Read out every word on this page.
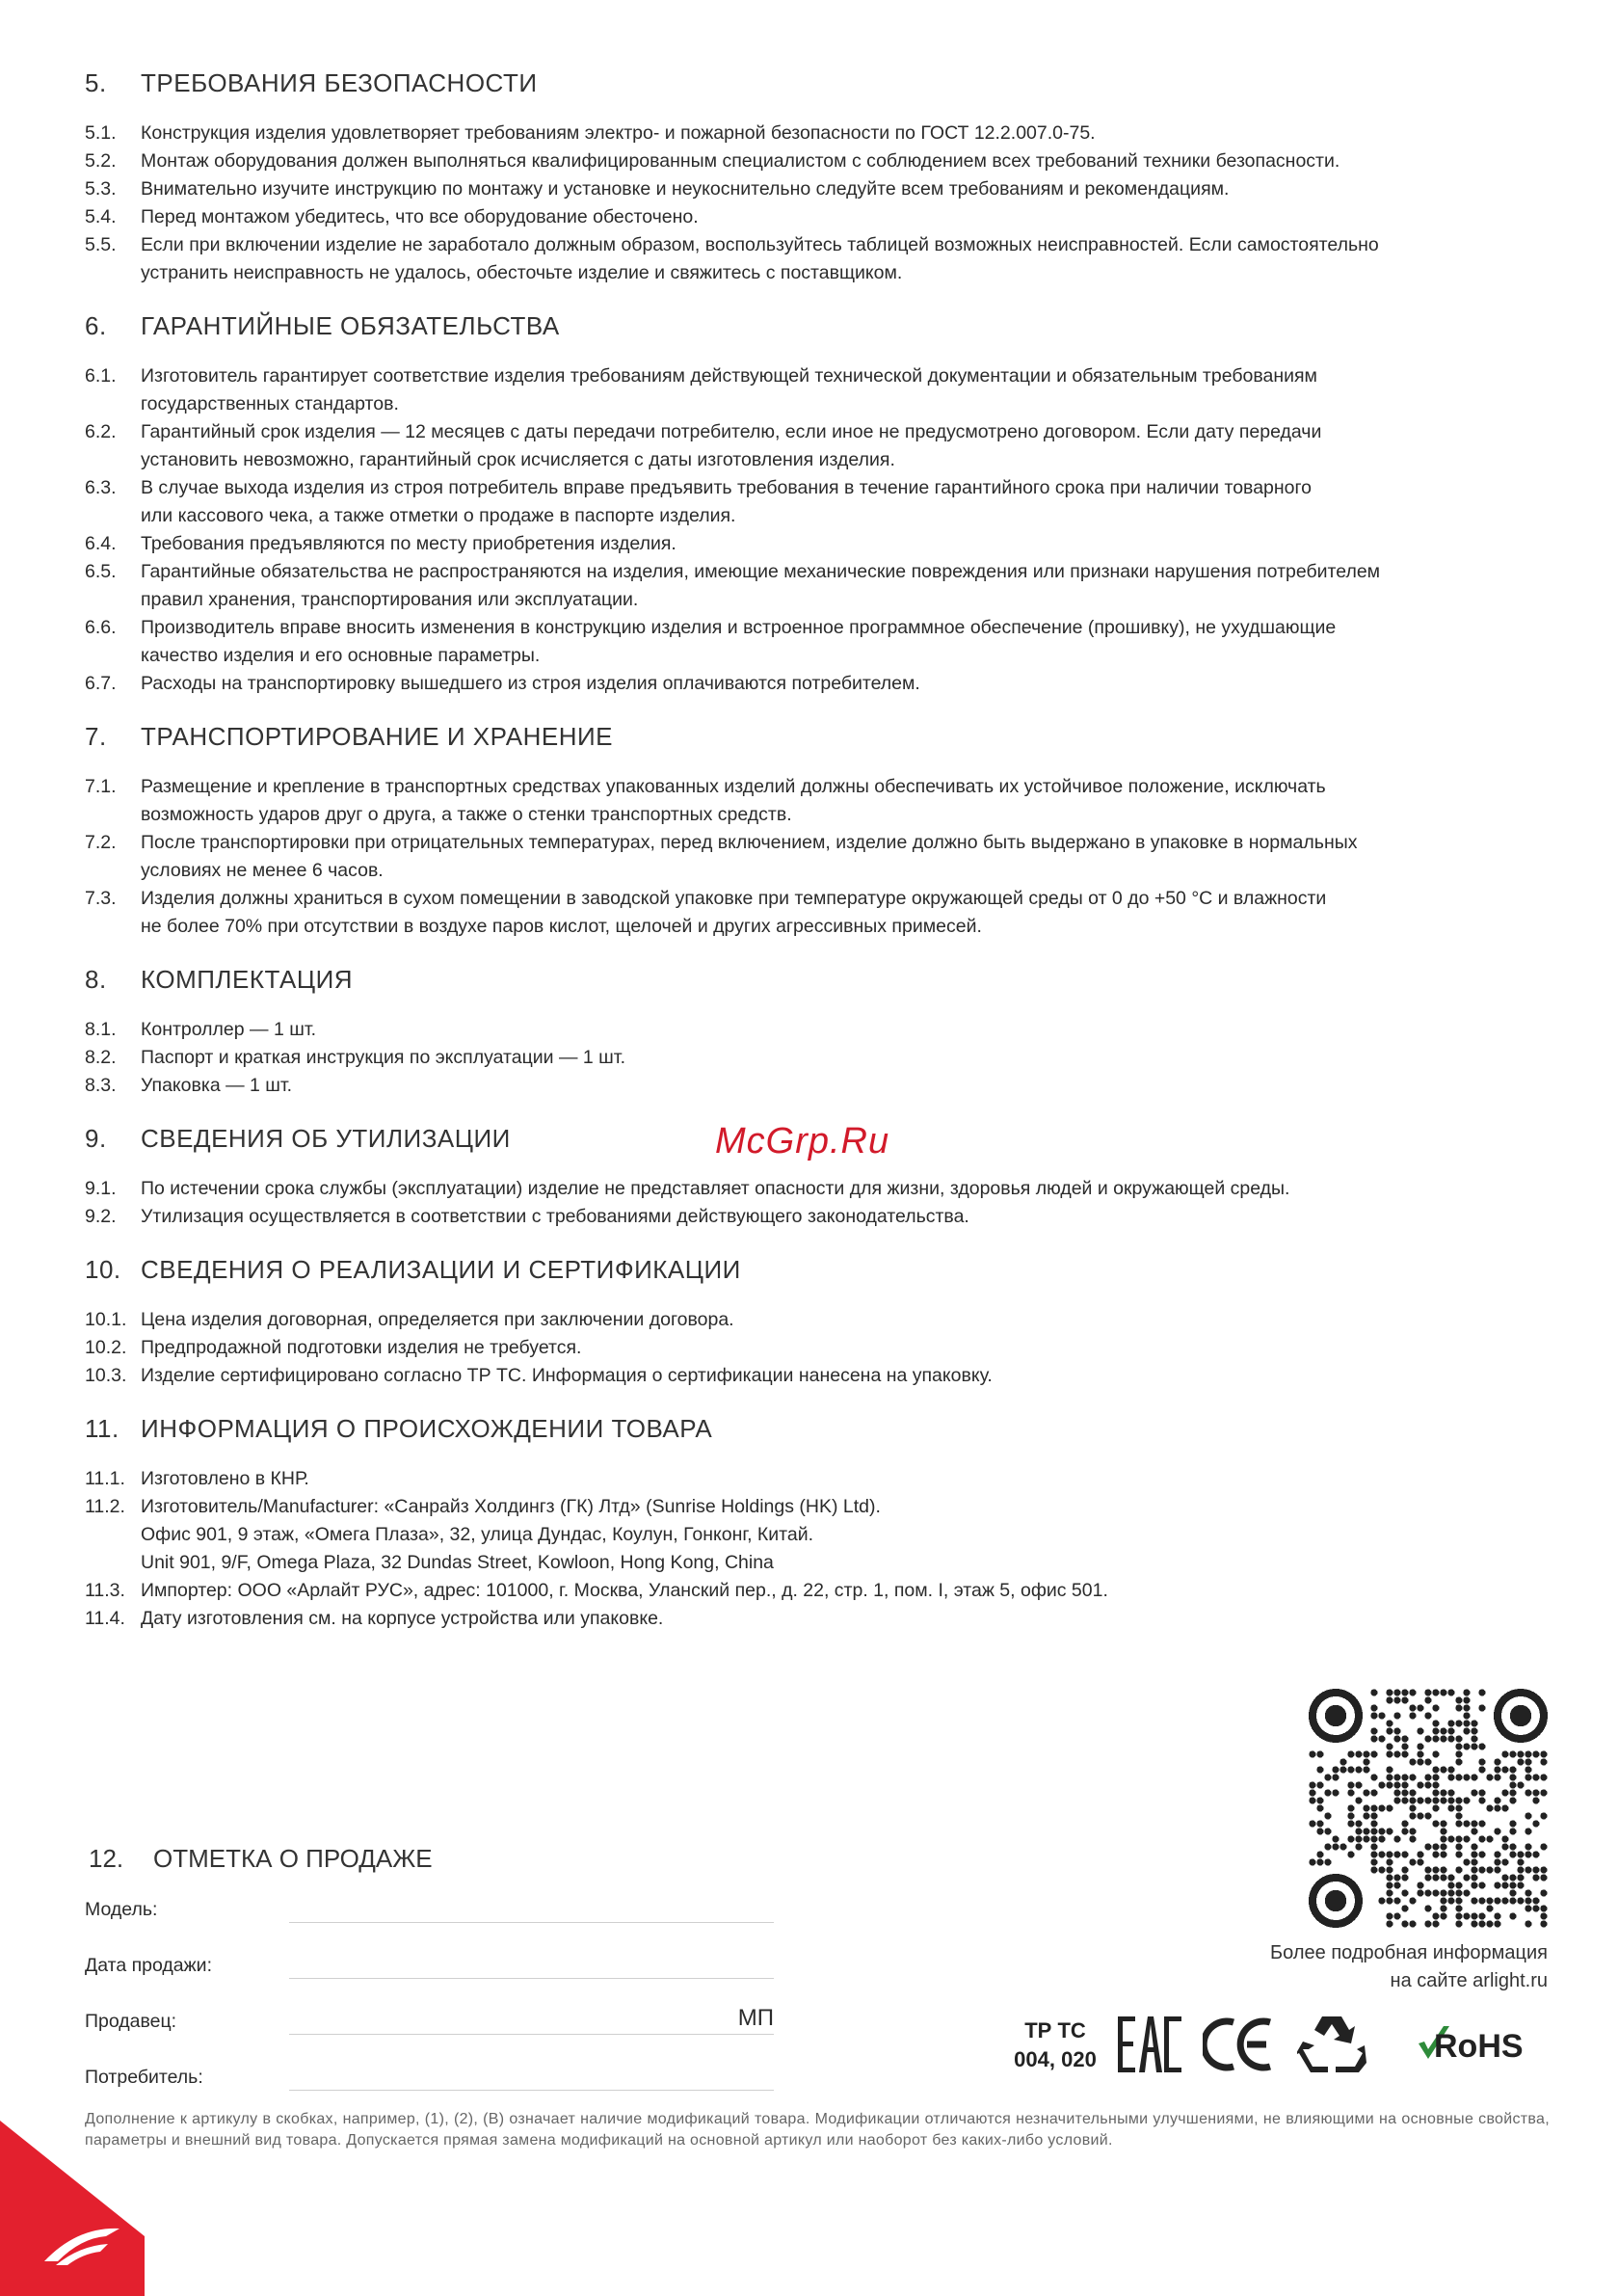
5.	ТРЕБОВАНИЯ БЕЗОПАСНОСТИ
5.1.	Конструкция изделия удовлетворяет требованиям электро- и пожарной безопасности по ГОСТ 12.2.007.0-75.
5.2.	Монтаж оборудования должен выполняться квалифицированным специалистом с соблюдением всех требований техники безопасности.
5.3.	Внимательно изучите инструкцию по монтажу и установке и неукоснительно следуйте всем требованиям и рекомендациям.
5.4.	Перед монтажом убедитесь, что все оборудование обесточено.
5.5.	Если при включении изделие не заработало должным образом, воспользуйтесь таблицей возможных неисправностей. Если самостоятельно
устранить неисправность не удалось, обесточьте изделие и свяжитесь с поставщиком.
6.	ГАРАНТИЙНЫЕ ОБЯЗАТЕЛЬСТВА
6.1.	Изготовитель гарантирует соответствие изделия требованиям действующей технической документации и обязательным требованиям
государственных стандартов.
6.2.	Гарантийный срок изделия — 12 месяцев с даты передачи потребителю, если иное не предусмотрено договором. Если дату передачи
установить невозможно, гарантийный срок исчисляется с даты изготовления изделия.
6.3.	В случае выхода изделия из строя потребитель вправе предъявить требования в течение гарантийного срока при наличии товарного
или кассового чека, а также отметки о продаже в паспорте изделия.
6.4.	Требования предъявляются по месту приобретения изделия.
6.5.	Гарантийные обязательства не распространяются на изделия, имеющие механические повреждения или признаки нарушения потребителем
правил хранения, транспортирования или эксплуатации.
6.6.	Производитель вправе вносить изменения в конструкцию изделия и встроенное программное обеспечение (прошивку), не ухудшающие
качество изделия и его основные параметры.
6.7.	Расходы на транспортировку вышедшего из строя изделия оплачиваются потребителем.
7.	ТРАНСПОРТИРОВАНИЕ И ХРАНЕНИЕ
7.1.	Размещение и крепление в транспортных средствах упакованных изделий должны обеспечивать их устойчивое положение, исключать
возможность ударов друг о друга, а также о стенки транспортных средств.
7.2.	После транспортировки при отрицательных температурах, перед включением, изделие должно быть выдержано в упаковке в нормальных
условиях не менее 6 часов.
7.3.	Изделия должны храниться в сухом помещении в заводской упаковке при температуре окружающей среды от 0 до +50 °С и влажности
не более 70% при отсутствии в воздухе паров кислот, щелочей и других агрессивных примесей.
8.	КОМПЛЕКТАЦИЯ
8.1.	Контроллер — 1 шт.
8.2.	Паспорт и краткая инструкция по эксплуатации — 1 шт.
8.3.	Упаковка — 1 шт.
9.	СВЕДЕНИЯ ОБ УТИЛИЗАЦИИ
9.1.	По истечении срока службы (эксплуатации) изделие не представляет опасности для жизни, здоровья людей и окружающей среды.
9.2.	Утилизация осуществляется в соответствии с требованиями действующего законодательства.
10. СВЕДЕНИЯ О РЕАЛИЗАЦИИ И СЕРТИФИКАЦИИ
10.1. Цена изделия договорная, определяется при заключении договора.
10.2. Предпродажной подготовки изделия не требуется.
10.3. Изделие сертифицировано согласно ТР ТС. Информация о сертификации нанесена на упаковку.
11. ИНФОРМАЦИЯ О ПРОИСХОЖДЕНИИ ТОВАРА
11.1. Изготовлено в КНР.
11.2. Изготовитель/Manufacturer: «Санрайз Холдингз (ГК) Лтд» (Sunrise Holdings (HK) Ltd).
Офис 901, 9 этаж, «Омега Плаза», 32, улица Дундас, Коулун, Гонконг, Китай.
Unit 901, 9/F, Omega Plaza, 32 Dundas Street, Kowloon, Hong Kong, China
11.3. Импортер: ООО «Арлайт РУС», адрес: 101000, г. Москва, Уланский пер., д. 22, стр. 1, пом. I, этаж 5, офис 501.
11.4. Дату изготовления см. на корпусе устройства или упаковке.
McGrp.Ru
Более подробная информация
на сайте arlight.ru
12.	ОТМЕТКА О ПРОДАЖЕ
Модель:
Дата продажи:
Продавец:	МП
Потребитель:
ТР ТС
004, 020	RoHS
Дополнение к артикулу в скобках, например, (1), (2), (B) означает наличие модификаций товара. Модификации отличаются незначительными улучшениями, не влияющими на основные свойства, параметры и внешний вид товара. Допускается прямая замена модификаций на основной артикул или наоборот без каких-либо условий.
